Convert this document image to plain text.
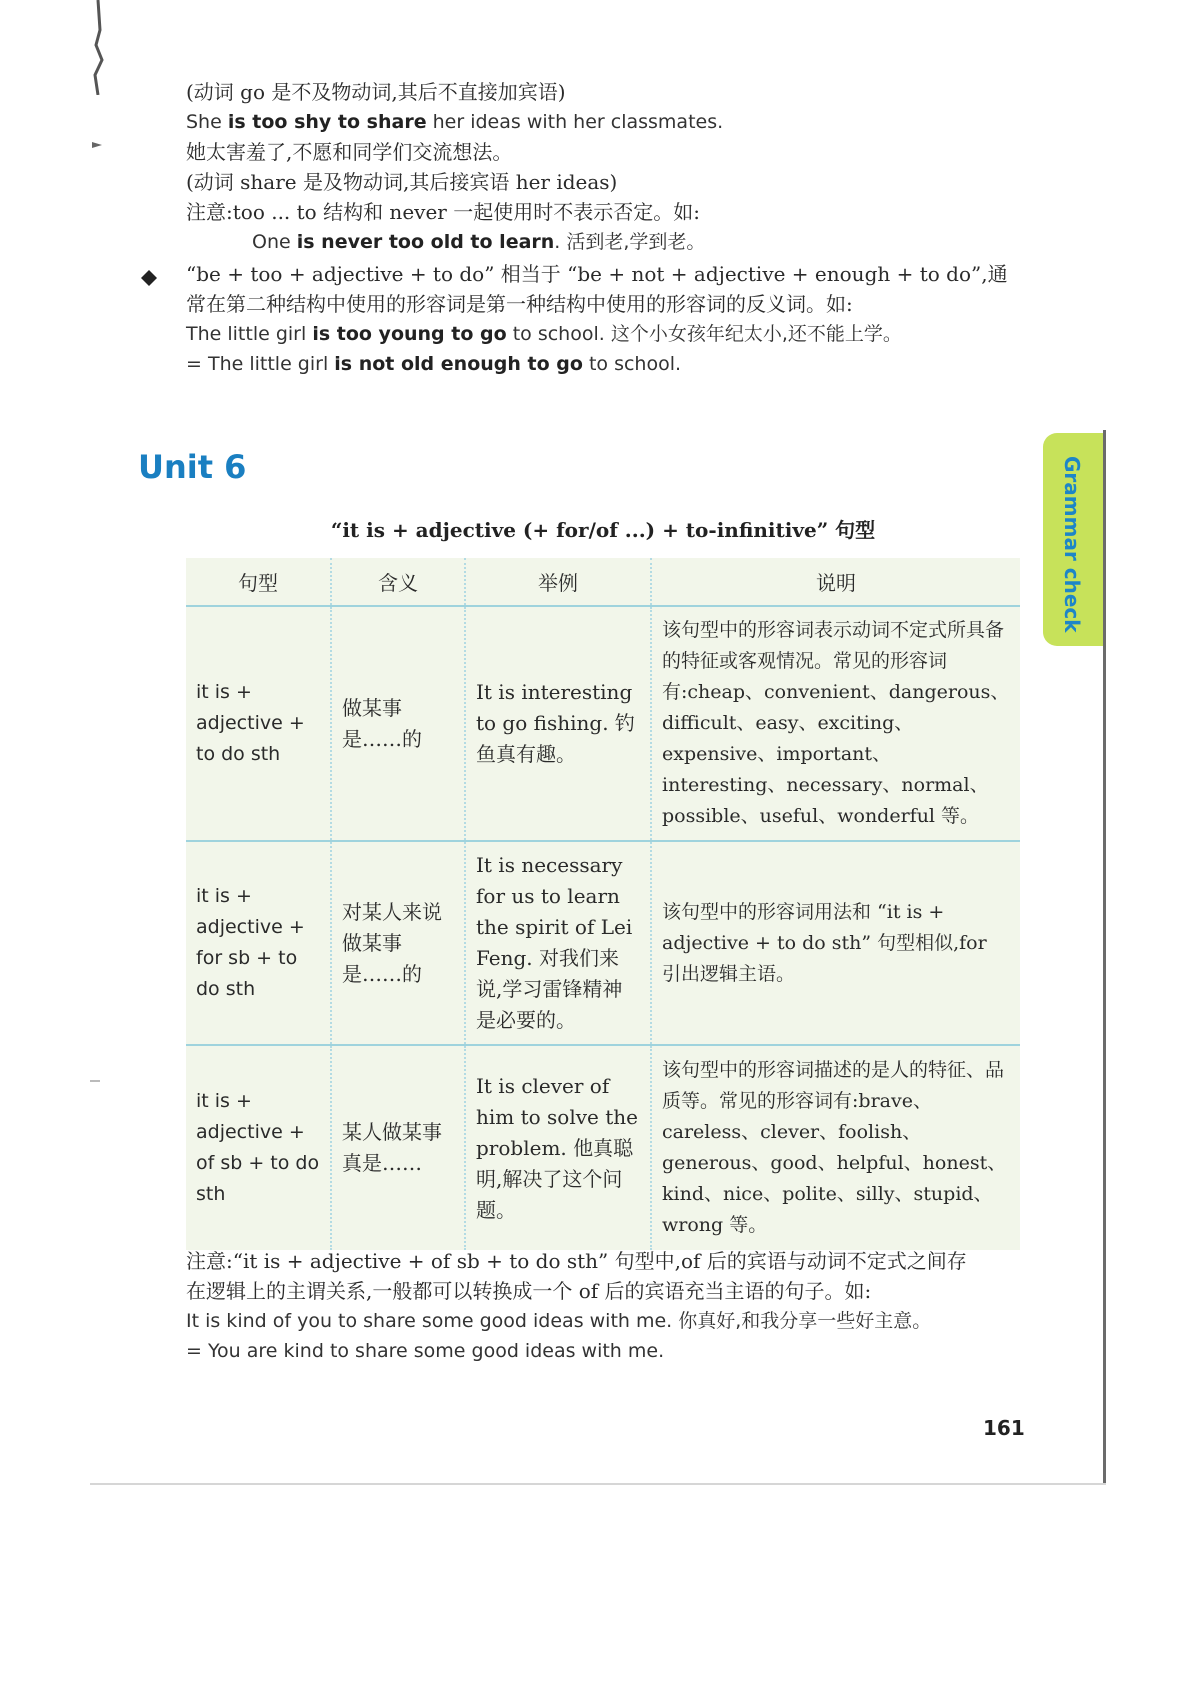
(动词 go 是不及物动词,其后不直接加宾语)
She is too shy to share her ideas with her classmates.
她太害羞了,不愿和同学们交流想法。
(动词 share 是及物动词,其后接宾语 her ideas)
注意:too ... to 结构和 never 一起使用时不表示否定。如:
One is never too old to learn. 活到老,学到老。
“be + too + adjective + to do” 相当于 “be + not + adjective + enough + to do”,通
常在第二种结构中使用的形容词是第一种结构中使用的形容词的反义词。如:
The little girl is too young to go to school. 这个小女孩年纪太小,还不能上学。
= The little girl is not old enough to go to school.
Unit 6
“it is + adjective (+ for/of ...) + to-infinitive” 句型	Grammar check
句型	含义	举例	说明
it is + adjective + to do sth	做某事是……的	It is interesting to go fishing. 钓鱼真有趣。	该句型中的形容词表示动词不定式所具备的特征或客观情况。常见的形容词有:cheap、convenient、dangerous、difficult、easy、exciting、expensive、important、interesting、necessary、normal、possible、useful、wonderful 等。
it is + adjective + for sb + to do sth	对某人来说做某事是……的	It is necessary for us to learn the spirit of Lei Feng. 对我们来说,学习雷锋精神是必要的。	该句型中的形容词用法和 “it is + adjective + to do sth” 句型相似,for 引出逻辑主语。
it is + adjective + of sb + to do sth	某人做某事真是……	It is clever of him to solve the problem. 他真聪明,解决了这个问题。	该句型中的形容词描述的是人的特征、品质等。常见的形容词有:brave、careless、clever、foolish、generous、good、helpful、honest、kind、nice、polite、silly、stupid、wrong 等。
注意:“it is + adjective + of sb + to do sth” 句型中,of 后的宾语与动词不定式之间存
在逻辑上的主谓关系,一般都可以转换成一个 of 后的宾语充当主语的句子。如:
It is kind of you to share some good ideas with me. 你真好,和我分享一些好主意。
= You are kind to share some good ideas with me.
161
